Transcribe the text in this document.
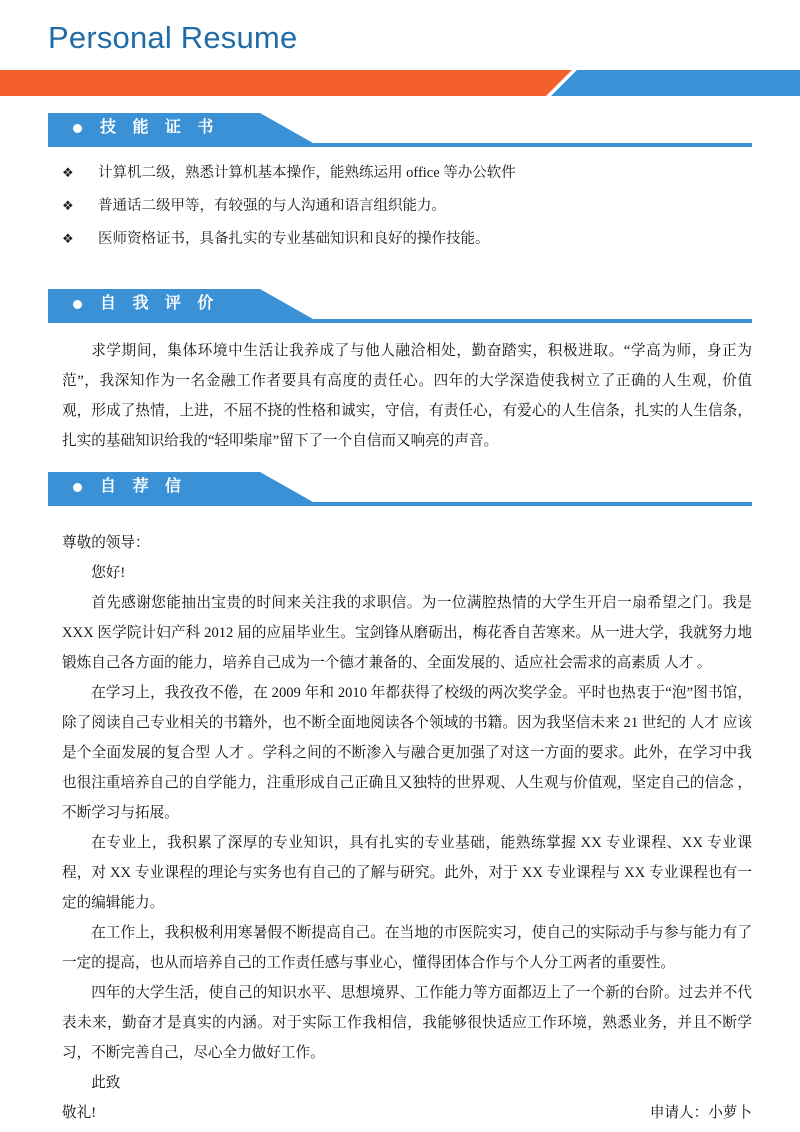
Personal Resume
技 能 证 书
❖	计算机二级，熟悉计算机基本操作，能熟练运用 office 等办公软件
❖	普通话二级甲等，有较强的与人沟通和语言组织能力。
❖	医师资格证书，具备扎实的专业基础知识和良好的操作技能。
自 我 评 价

求学期间，集体环境中生活让我养成了与他人融洽相处，勤奋踏实，积极进取。“学高为师，身正为范”，我深知作为一名金融工作者要具有高度的责任心。四年的大学深造使我树立了正确的人生观，价值观，形成了热情，上进，不屈不挠的性格和诚实，守信，有责任心，有爱心的人生信条，扎实的人生信条，扎实的基础知识给我的“轻叩柴扉”留下了一个自信而又响亮的声音。

自 荐 信

尊敬的领导：

您好!

首先感谢您能抽出宝贵的时间来关注我的求职信。为一位满腔热情的大学生开启一扇希望之门。我是 XXX 医学院计妇产科 2012 届的应届毕业生。宝剑锋从磨砺出，梅花香自苦寒来。从一进大学，我就努力地锻炼自己各方面的能力，培养自己成为一个德才兼备的、全面发展的、适应社会需求的高素质 人才 。

在学习上，我孜孜不倦，在 2009 年和 2010 年都获得了校级的两次奖学金。平时也热衷于“泡”图书馆，除了阅读自己专业相关的书籍外，也不断全面地阅读各个领域的书籍。因为我坚信未来 21 世纪的 人才 应该是个全面发展的复合型 人才 。学科之间的不断渗入与融合更加强了对这一方面的要求。此外，在学习中我也很注重培养自己的自学能力，注重形成自己正确且又独特的世界观、人生观与价值观，坚定自己的信念 ，不断学习与拓展。

在专业上，我积累了深厚的专业知识，具有扎实的专业基础，能熟练掌握 XX 专业课程、XX 专业课程，对 XX 专业课程的理论与实务也有自己的了解与研究。此外，对于 XX 专业课程与 XX 专业课程也有一定的编辑能力。

在工作上，我积极利用寒暑假不断提高自己。在当地的市医院实习，使自己的实际动手与参与能力有了一定的提高，也从而培养自己的工作责任感与事业心，懂得团体合作与个人分工两者的重要性。

四年的大学生活，使自己的知识水平、思想境界、工作能力等方面都迈上了一个新的台阶。过去并不代表未来，勤奋才是真实的内涵。对于实际工作我相信，我能够很快适应工作环境，熟悉业务，并且不断学习，不断完善自己，尽心全力做好工作。

此致

敬礼!	申请人：小萝卜
